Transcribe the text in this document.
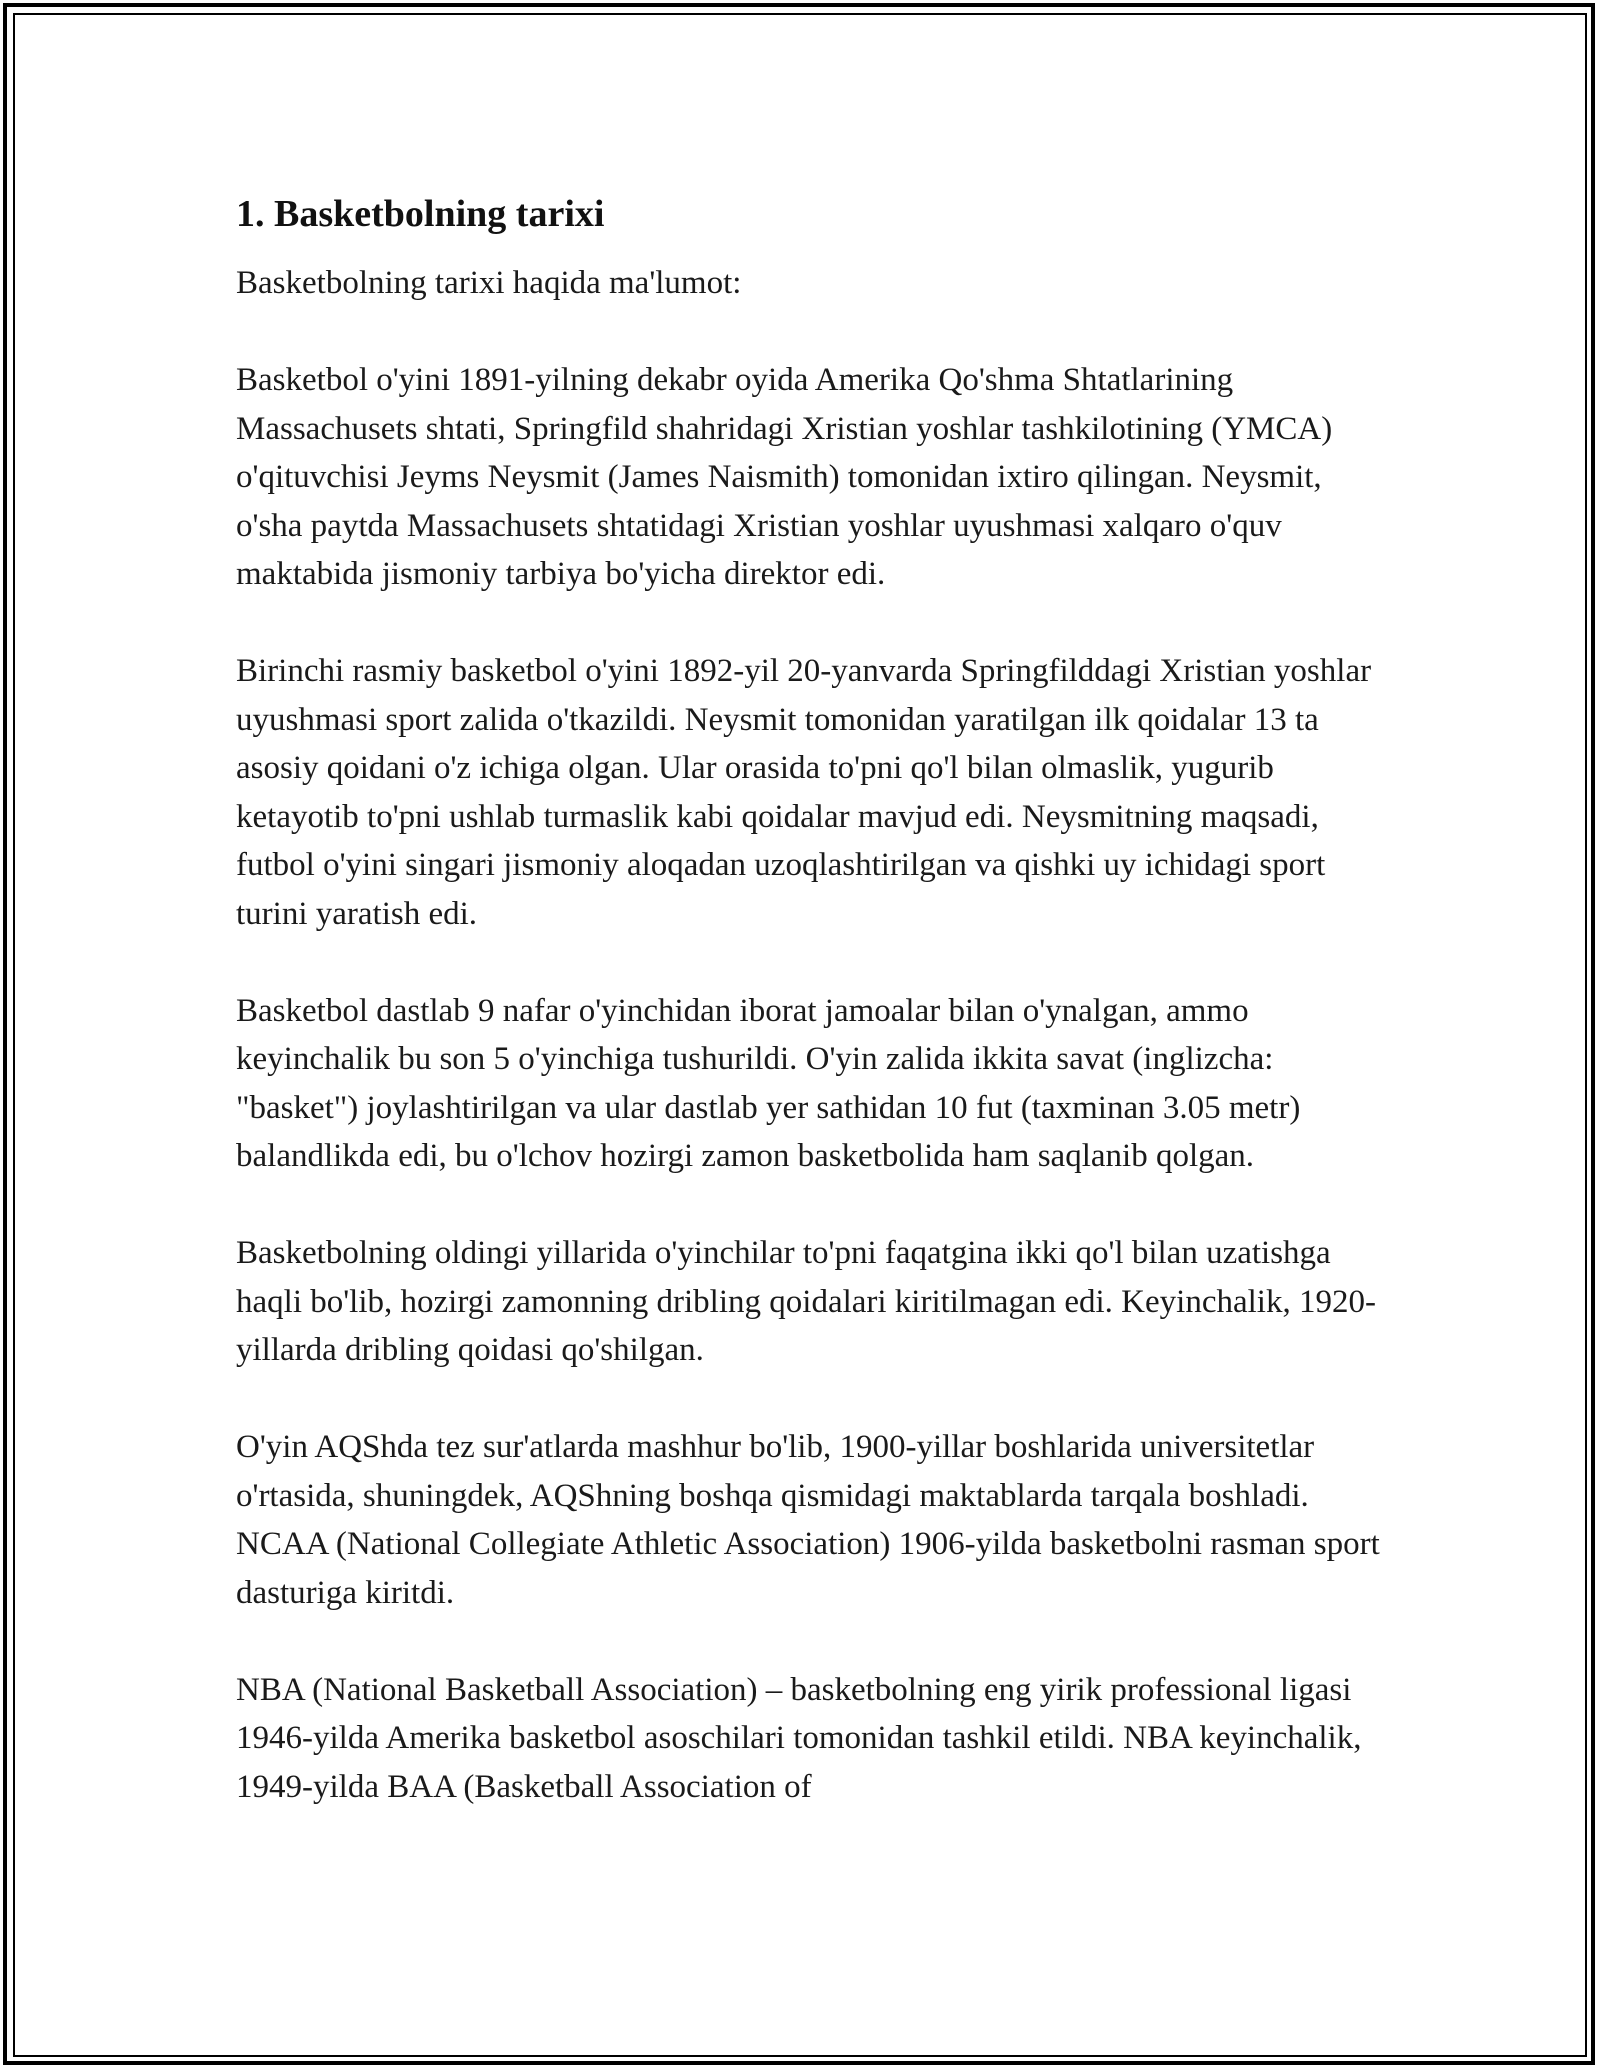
1. Basketbolning tarixi

Basketbolning tarixi haqida ma'lumot:

Basketbol o'yini 1891-yilning dekabr oyida Amerika Qo'shma Shtatlarining Massachusets shtati, Springfild shahridagi Xristian yoshlar tashkilotining (YMCA) o'qituvchisi Jeyms Neysmit (James Naismith) tomonidan ixtiro qilingan. Neysmit, o'sha paytda Massachusets shtatidagi Xristian yoshlar uyushmasi xalqaro o'quv maktabida jismoniy tarbiya bo'yicha direktor edi.

Birinchi rasmiy basketbol o'yini 1892-yil 20-yanvarda Springfilddagi Xristian yoshlar uyushmasi sport zalida o'tkazildi. Neysmit tomonidan yaratilgan ilk qoidalar 13 ta asosiy qoidani o'z ichiga olgan. Ular orasida to'pni qo'l bilan olmaslik, yugurib ketayotib to'pni ushlab turmaslik kabi qoidalar mavjud edi. Neysmitning maqsadi, futbol o'yini singari jismoniy aloqadan uzoqlashtirilgan va qishki uy ichidagi sport turini yaratish edi.

Basketbol dastlab 9 nafar o'yinchidan iborat jamoalar bilan o'ynalgan, ammo keyinchalik bu son 5 o'yinchiga tushurildi. O'yin zalida ikkita savat (inglizcha: "basket") joylashtirilgan va ular dastlab yer sathidan 10 fut (taxminan 3.05 metr) balandlikda edi, bu o'lchov hozirgi zamon basketbolida ham saqlanib qolgan.

Basketbolning oldingi yillarida o'yinchilar to'pni faqatgina ikki qo'l bilan uzatishga haqli bo'lib, hozirgi zamonning dribling qoidalari kiritilmagan edi. Keyinchalik, 1920-yillarda dribling qoidasi qo'shilgan.

O'yin AQShda tez sur'atlarda mashhur bo'lib, 1900-yillar boshlarida universitetlar o'rtasida, shuningdek, AQShning boshqa qismidagi maktablarda tarqala boshladi. NCAA (National Collegiate Athletic Association) 1906-yilda basketbolni rasman sport dasturiga kiritdi.

NBA (National Basketball Association) – basketbolning eng yirik professional ligasi 1946-yilda Amerika basketbol asoschilari tomonidan tashkil etildi. NBA keyinchalik, 1949-yilda BAA (Basketball Association of
